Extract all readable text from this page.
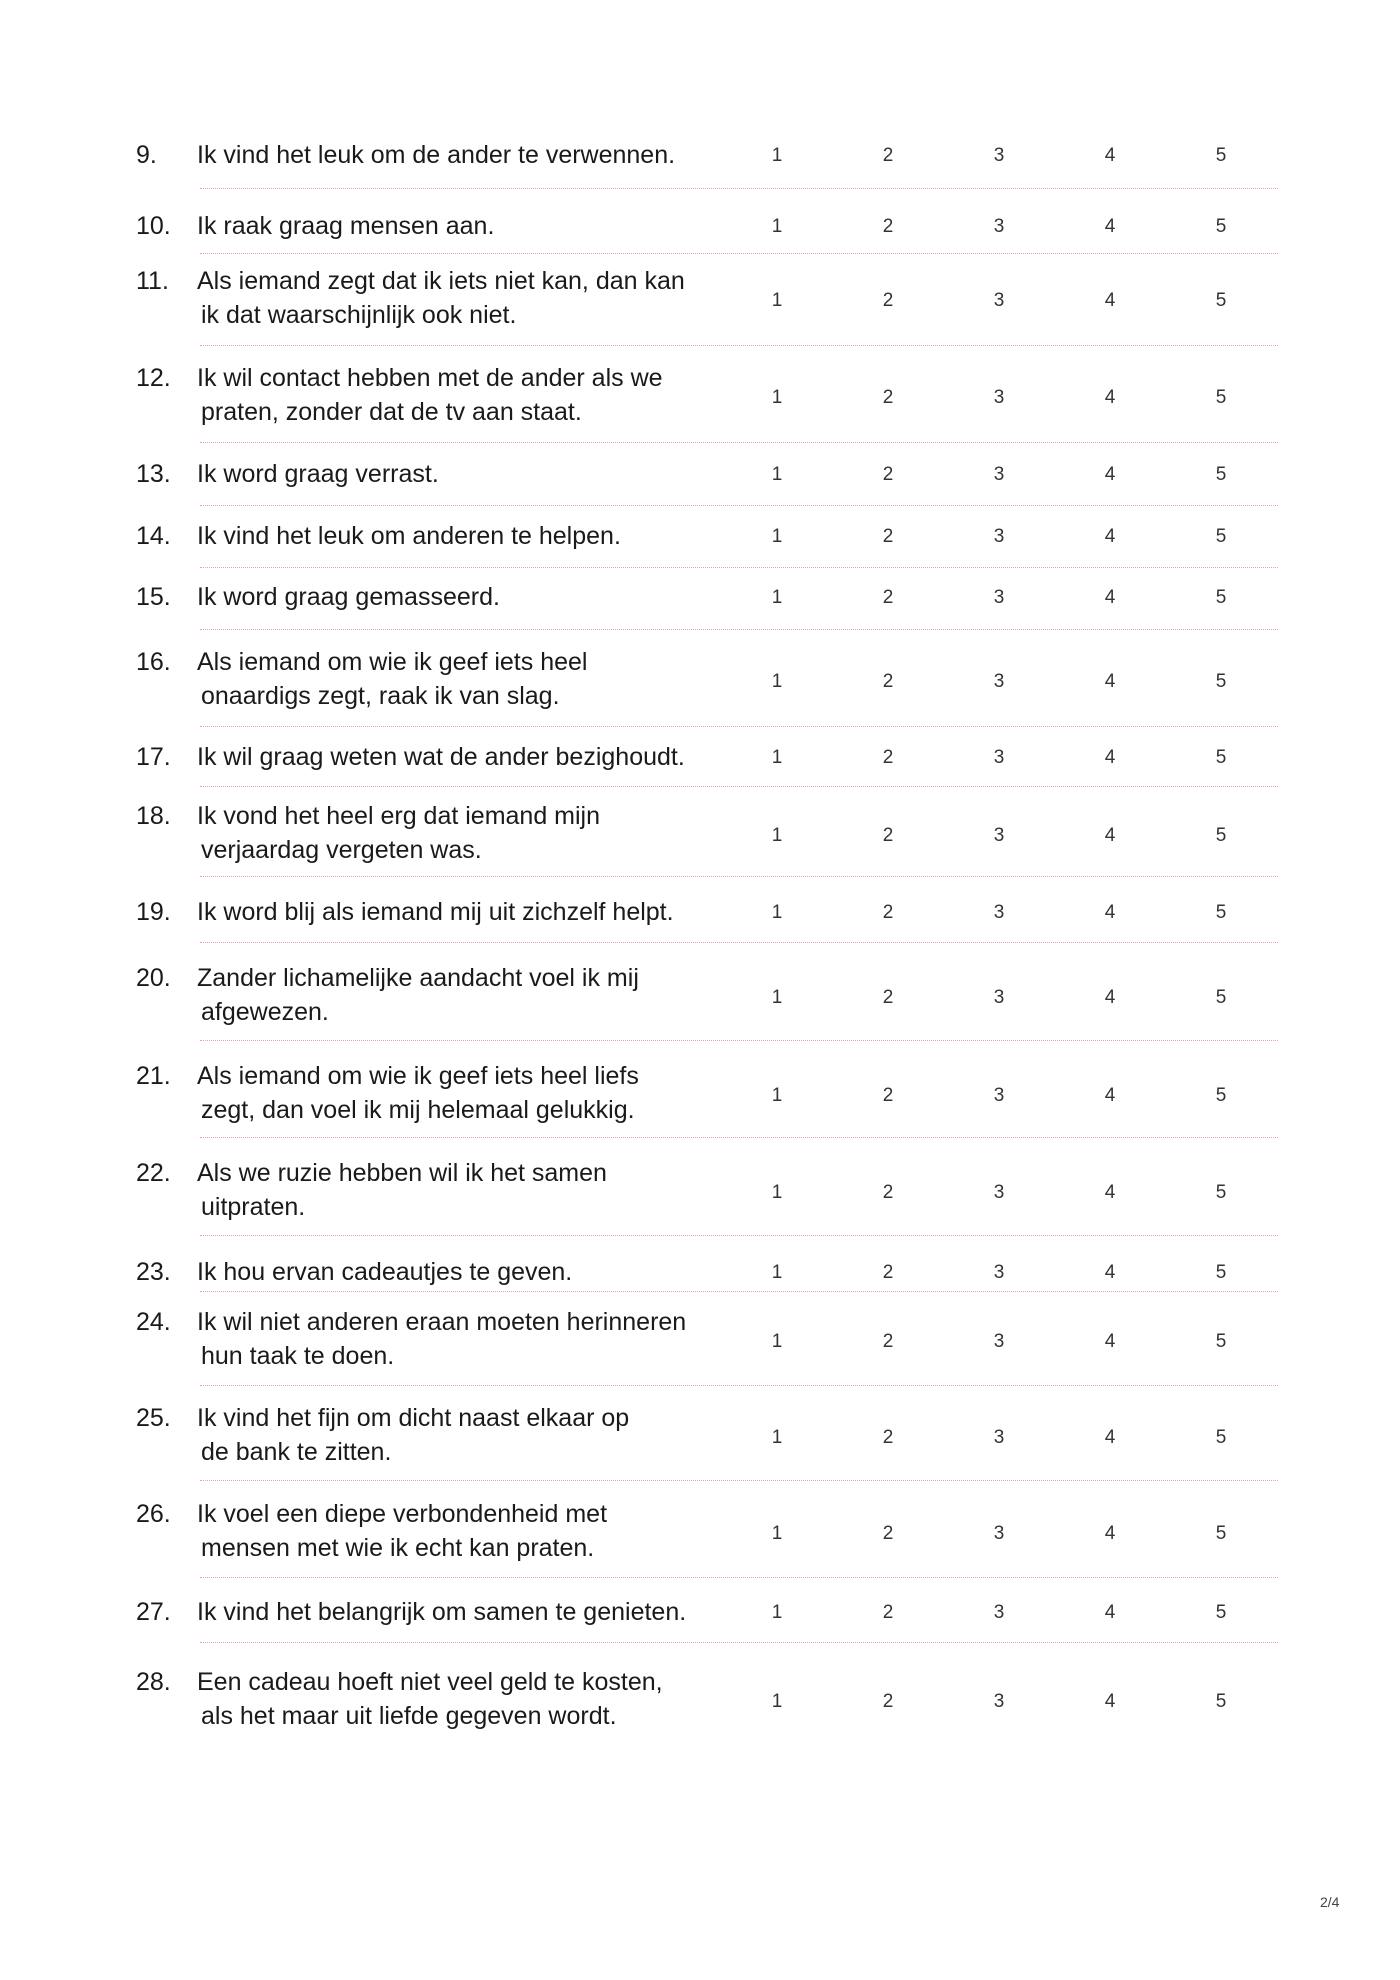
9. Ik vind het leuk om de ander te verwennen.	1	2	3	4	5
10. Ik raak graag mensen aan.	1	2	3	4	5
11. Als iemand zegt dat ik iets niet kan, dan kan
ik dat waarschijnlijk ook niet.
1	2	3	4	5
12. Ik wil contact hebben met de ander als we
praten, zonder dat de tv aan staat.
1	2	3	4	5
13. Ik word graag verrast.	1	2	3	4	5
14. Ik vind het leuk om anderen te helpen.	1	2	3	4	5
15. Ik word graag gemasseerd.	1	2	3	4	5
16. Als iemand om wie ik geef iets heel
onaardigs zegt, raak ik van slag.
1	2	3	4	5
17. Ik wil graag weten wat de ander bezighoudt.	1	2	3	4	5
18. Ik vond het heel erg dat iemand mijn
verjaardag vergeten was.
1	2	3	4	5
19. Ik word blij als iemand mij uit zichzelf helpt.	1	2	3	4	5
20. Zander lichamelijke aandacht voel ik mij
afgewezen.
1	2	3	4	5
21. Als iemand om wie ik geef iets heel liefs
zegt, dan voel ik mij helemaal gelukkig.
1	2	3	4	5
22. Als we ruzie hebben wil ik het samen
uitpraten.
1	2	3	4	5
23. Ik hou ervan cadeautjes te geven.	1	2	3	4	5
24. Ik wil niet anderen eraan moeten herinneren
hun taak te doen.
1	2	3	4	5
25. Ik vind het fijn om dicht naast elkaar op
de bank te zitten.
1	2	3	4	5
26. Ik voel een diepe verbondenheid met
mensen met wie ik echt kan praten.
1	2	3	4	5
27. Ik vind het belangrijk om samen te genieten.	1	2	3	4	5
28. Een cadeau hoeft niet veel geld te kosten,
als het maar uit liefde gegeven wordt.
1	2	3	4	5
2/4
